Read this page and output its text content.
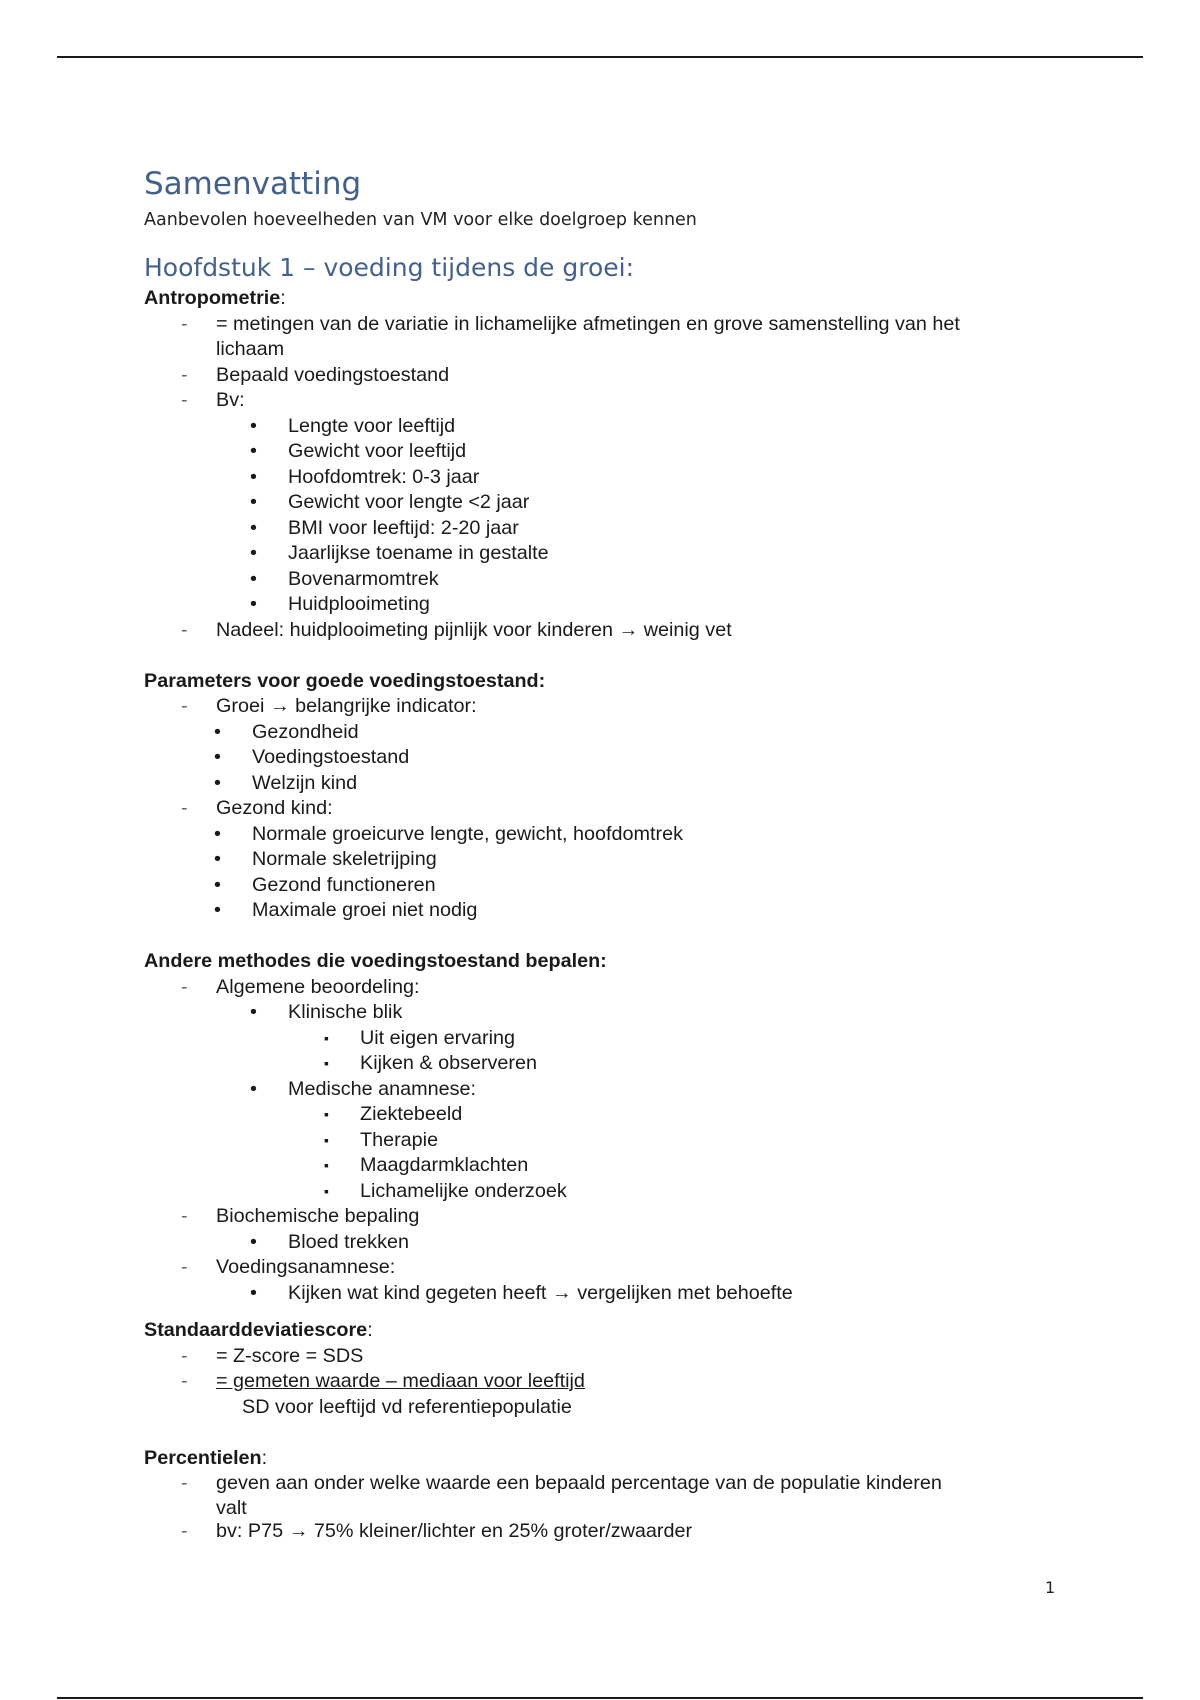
Samenvatting
Aanbevolen hoeveelheden van VM voor elke doelgroep kennen
Hoofdstuk 1 – voeding tijdens de groei:
Antropometrie:
- = metingen van de variatie in lichamelijke afmetingen en grove samenstelling van het
lichaam
- Bepaald voedingstoestand
- Bv:
• Lengte voor leeftijd
• Gewicht voor leeftijd
• Hoofdomtrek: 0-3 jaar
• Gewicht voor lengte <2 jaar
• BMI voor leeftijd: 2-20 jaar
• Jaarlijkse toename in gestalte
• Bovenarmomtrek
• Huidplooimeting
- Nadeel: huidplooimeting pijnlijk voor kinderen → weinig vet
Parameters voor goede voedingstoestand:
- Groei → belangrijke indicator:
• Gezondheid
• Voedingstoestand
• Welzijn kind
- Gezond kind:
• Normale groeicurve lengte, gewicht, hoofdomtrek
• Normale skeletrijping
• Gezond functioneren
• Maximale groei niet nodig
Andere methodes die voedingstoestand bepalen:
- Algemene beoordeling:
• Klinische blik
▪ Uit eigen ervaring
▪ Kijken & observeren
• Medische anamnese:
▪ Ziektebeeld
▪ Therapie
▪ Maagdarmklachten
▪ Lichamelijke onderzoek
- Biochemische bepaling
• Bloed trekken
- Voedingsanamnese:
• Kijken wat kind gegeten heeft → vergelijken met behoefte
Standaarddeviatiescore:
- = Z-score = SDS
- = gemeten waarde – mediaan voor leeftijd
SD voor leeftijd vd referentiepopulatie
Percentielen:
- geven aan onder welke waarde een bepaald percentage van de populatie kinderen
valt
- bv: P75 → 75% kleiner/lichter en 25% groter/zwaarder
1
